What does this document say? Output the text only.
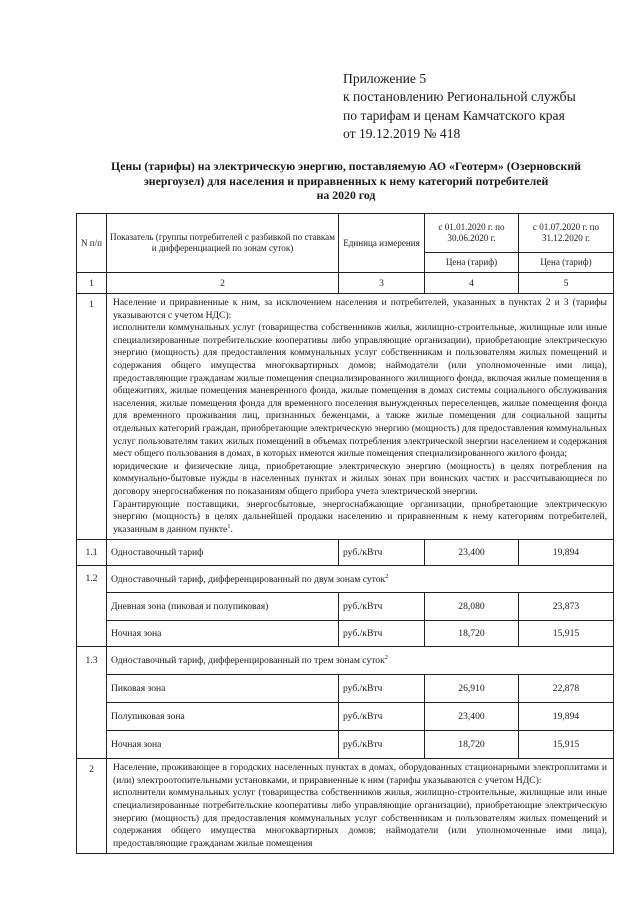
Приложение 5
к постановлению Региональной службы
по тарифам и ценам Камчатского края
от 19.12.2019 № 418
Цены (тарифы) на электрическую энергию, поставляемую АО «Геотерм» (Озерновский
энергоузел) для населения и приравненных к нему категорий потребителей
на 2020 год
N п/п	Показатель (группы потребителей с разбивкой по ставкам и дифференциацией по зонам суток)	Единица измерения	с 01.01.2020 г. по 30.06.2020 г.	с 01.07.2020 г. по 31.12.2020 г.
			Цена (тариф)	Цена (тариф)
1	2	3	4	5
1	Население и приравненные к ним, за исключением населения и потребителей, указанных в пунктах 2 и 3 (тарифы указываются с учетом НДС):

исполнители коммунальных услуг (товарищества собственников жилья, жилищно-строительные, жилищные или иные специализированные потребительские кооперативы либо управляющие организации), приобретающие электрическую энергию (мощность) для предоставления коммунальных услуг собственникам и пользователям жилых помещений и содержания общего имущества многоквартирных домов; наймодатели (или уполномоченные ими лица), предоставляющие гражданам жилые помещения специализированного жилищного фонда, включая жилые помещения в общежитиях, жилые помещения маневренного фонда, жилые помещения в домах системы социального обслуживания населения, жилые помещения фонда для временного поселения вынужденных переселенцев, жилые помещения фонда для временного проживания лиц, признанных беженцами, а также жилые помещения для социальной защиты отдельных категорий граждан, приобретающие электрическую энергию (мощность) для предоставления коммунальных услуг пользователям таких жилых помещений в объемах потребления электрической энергии населением и содержания мест общего пользования в домах, в которых имеются жилые помещения специализированного жилого фонда;

юридические и физические лица, приобретающие электрическую энергию (мощность) в целях потребления на коммунально-бытовые нужды в населенных пунктах и жилых зонах при воинских частях и рассчитывающиеся по договору энергоснабжения по показаниям общего прибора учета электрической энергии.

Гарантирующие поставщики, энергосбытовые, энергоснабжающие организации, приобретающие электрическую энергию (мощность) в целях дальнейшей продажи населению и приравненным к нему категориям потребителей, указанным в данном пункте$^1$.			

1.1	Одноставочный тариф	руб./кВтч	23,400	19,894
1.2	Одноставочный тариф, дифференцированный по двум зонам суток$^2$
	Дневная зона (пиковая и полупиковая)	руб./кВтч	28,080	23,873
	Ночная зона	руб./кВтч	18,720	15,915
1.3	Одноставочный тариф, дифференцированный по трем зонам суток$^2$
	Пиковая зона	руб./кВтч	26,910	22,878
	Полупиковая зона	руб./кВтч	23,400	19,894
	Ночная зона	руб./кВтч	18,720	15,915
2	Население, проживающее в городских населенных пунктах в домах, оборудованных стационарными электроплитами и (или) электроотопительными установками, и приравненные к ним (тарифы указываются с учетом НДС):

исполнители коммунальных услуг (товарищества собственников жилья, жилищно-строительные, жилищные или иные специализированные потребительские кооперативы либо управляющие организации), приобретающие электрическую энергию (мощность) для предоставления коммунальных услуг собственникам и пользователям жилых помещений и содержания общего имущества многоквартирных домов; наймодатели (или уполномоченные ими лица), предоставляющие гражданам жилые помещения			
